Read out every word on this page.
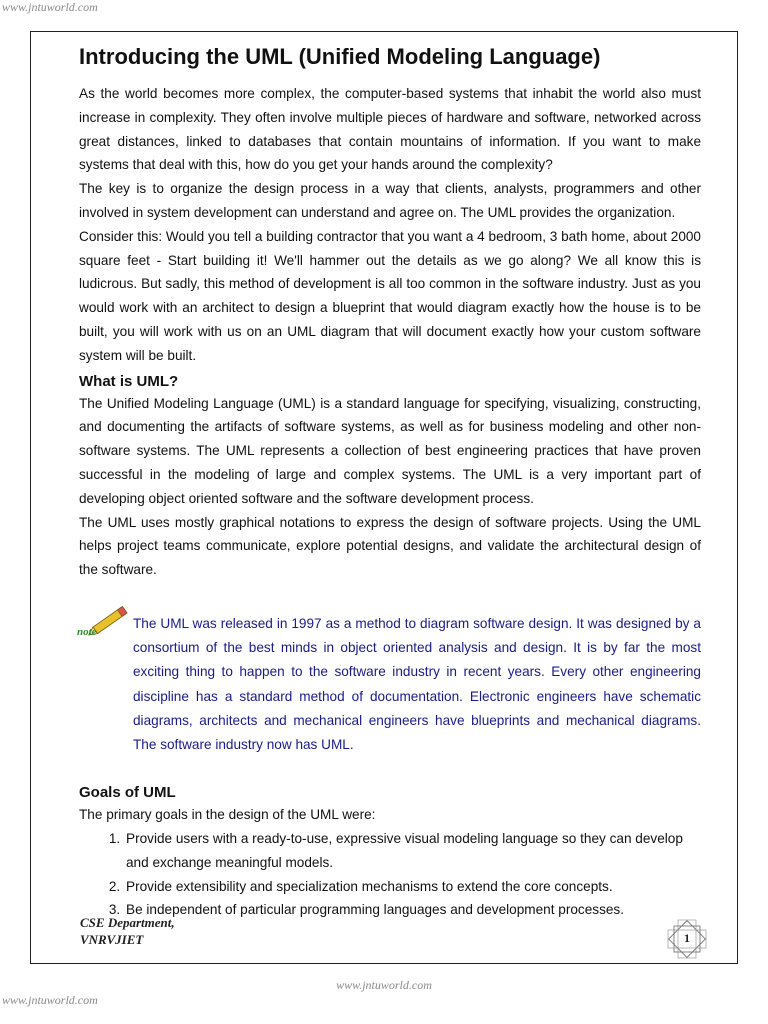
www.jntuworld.com
Introducing the UML (Unified Modeling Language)

As the world becomes more complex, the computer-based systems that inhabit the world also must increase in complexity. They often involve multiple pieces of hardware and software, networked across great distances, linked to databases that contain mountains of information. If you want to make systems that deal with this, how do you get your hands around the complexity?

The key is to organize the design process in a way that clients, analysts, programmers and other involved in system development can understand and agree on. The UML provides the organization.

Consider this: Would you tell a building contractor that you want a 4 bedroom, 3 bath home, about 2000 square feet - Start building it! We'll hammer out the details as we go along? We all know this is ludicrous. But sadly, this method of development is all too common in the software industry. Just as you would work with an architect to design a blueprint that would diagram exactly how the house is to be built, you will work with us on an UML diagram that will document exactly how your custom software system will be built.

What is UML?

The Unified Modeling Language (UML) is a standard language for specifying, visualizing, constructing, and documenting the artifacts of software systems, as well as for business modeling and other non-software systems. The UML represents a collection of best engineering practices that have proven successful in the modeling of large and complex systems. The UML is a very important part of developing object oriented software and the software development process.

The UML uses mostly graphical notations to express the design of software projects. Using the UML helps project teams communicate, explore potential designs, and validate the architectural design of the software.

note

The UML was released in 1997 as a method to diagram software design. It was designed by a consortium of the best minds in object oriented analysis and design. It is by far the most exciting thing to happen to the software industry in recent years. Every other engineering discipline has a standard method of documentation. Electronic engineers have schematic diagrams, architects and mechanical engineers have blueprints and mechanical diagrams. The software industry now has UML.

Goals of UML

The primary goals in the design of the UML were:

1. Provide users with a ready-to-use, expressive visual modeling language so they can develop and exchange meaningful models.
2. Provide extensibility and specialization mechanisms to extend the core concepts.
3. Be independent of particular programming languages and development processes.
CSE Department,
VNRVJIET	1
www.jntuworld.com
www.jntuworld.com
